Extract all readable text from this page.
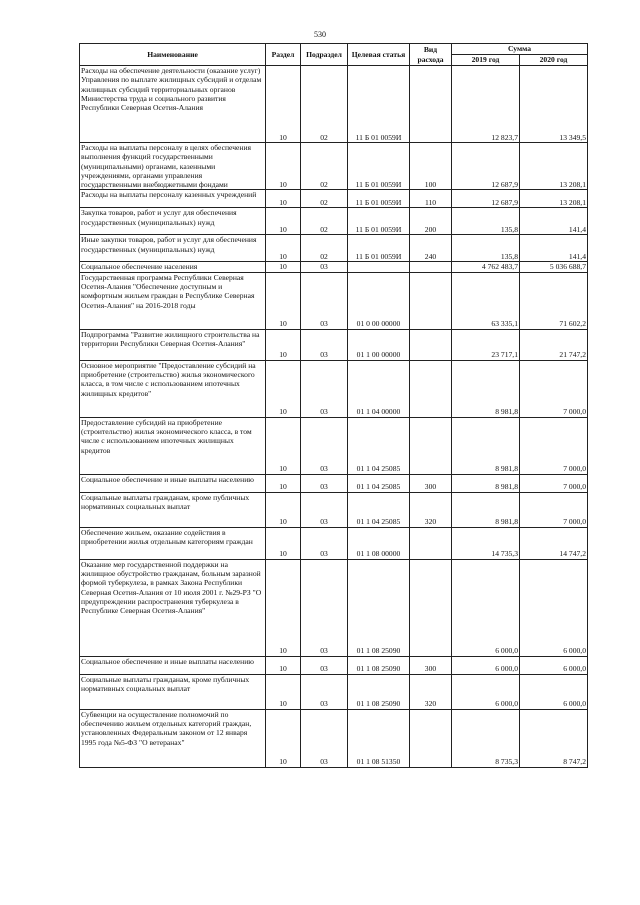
530
Наименование	Раздел	Подраздел	Целевая статья	Вид расхода	Сумма	
					2019 год	2020 год
Расходы на обеспечение деятельности (оказание услуг) Управления по выплате жилищных субсидий и отделам жилищных субсидий территориальных органов Министерства труда и социального развития Республики Северная Осетия-Алания	10	02	11 Б 01 0059И		12 823,7	13 349,5
Расходы на выплаты персоналу в целях обеспечения выполнения функций государственными (муниципальными) органами, казенными учреждениями, органами управления государственными внебюджетными фондами	10	02	11 Б 01 0059И	100	12 687,9	13 208,1
Расходы на выплаты персоналу казенных учреждений	10	02	11 Б 01 0059И	110	12 687,9	13 208,1
Закупка товаров, работ и услуг для обеспечения государственных (муниципальных) нужд	10	02	11 Б 01 0059И	200	135,8	141,4
Иные закупки товаров, работ и услуг для обеспечения государственных (муниципальных) нужд	10	02	11 Б 01 0059И	240	135,8	141,4
Социальное обеспечение населения	10	03			4 762 483,7	5 036 688,7
Государственная программа Республики Северная Осетия-Алания "Обеспечение доступным и комфортным жильем граждан в Республике Северная Осетия-Алания" на 2016-2018 годы	10	03	01 0 00 00000		63 335,1	71 602,2
Подпрограмма "Развитие жилищного строительства на территории Республики Северная Осетия-Алания"	10	03	01 1 00 00000		23 717,1	21 747,2
Основное мероприятие "Предоставление субсидий на приобретение (строительство) жилья экономического класса, в том числе с использованием ипотечных жилищных кредитов"	10	03	01 1 04 00000		8 981,8	7 000,0
Предоставление субсидий на приобретение (строительство) жилья экономического класса, в том числе с использованием ипотечных жилищных кредитов	10	03	01 1 04 25085		8 981,8	7 000,0
Социальное обеспечение и иные выплаты населению	10	03	01 1 04 25085	300	8 981,8	7 000,0
Социальные выплаты гражданам, кроме публичных нормативных социальных выплат	10	03	01 1 04 25085	320	8 981,8	7 000,0
Обеспечение жильем, оказание содействия в приобретении жилья отдельным категориям граждан	10	03	01 1 08 00000		14 735,3	14 747,2
Оказание мер государственной поддержки на жилищное обустройство гражданам, больным заразной формой туберкулеза, в рамках Закона Республики Северная Осетия-Алания от 10 июля 2001 г. №29-РЗ "О предупреждении распространения туберкулеза в Республике Северная Осетия-Алания"	10	03	01 1 08 25090		6 000,0	6 000,0
Социальное обеспечение и иные выплаты населению	10	03	01 1 08 25090	300	6 000,0	6 000,0
Социальные выплаты гражданам, кроме публичных нормативных социальных выплат	10	03	01 1 08 25090	320	6 000,0	6 000,0
Субвенции на осуществление полномочий по обеспечению жильем отдельных категорий граждан, установленных Федеральным законом от 12 января 1995 года №5-ФЗ "О ветеранах"	10	03	01 1 08 51350		8 735,3	8 747,2
